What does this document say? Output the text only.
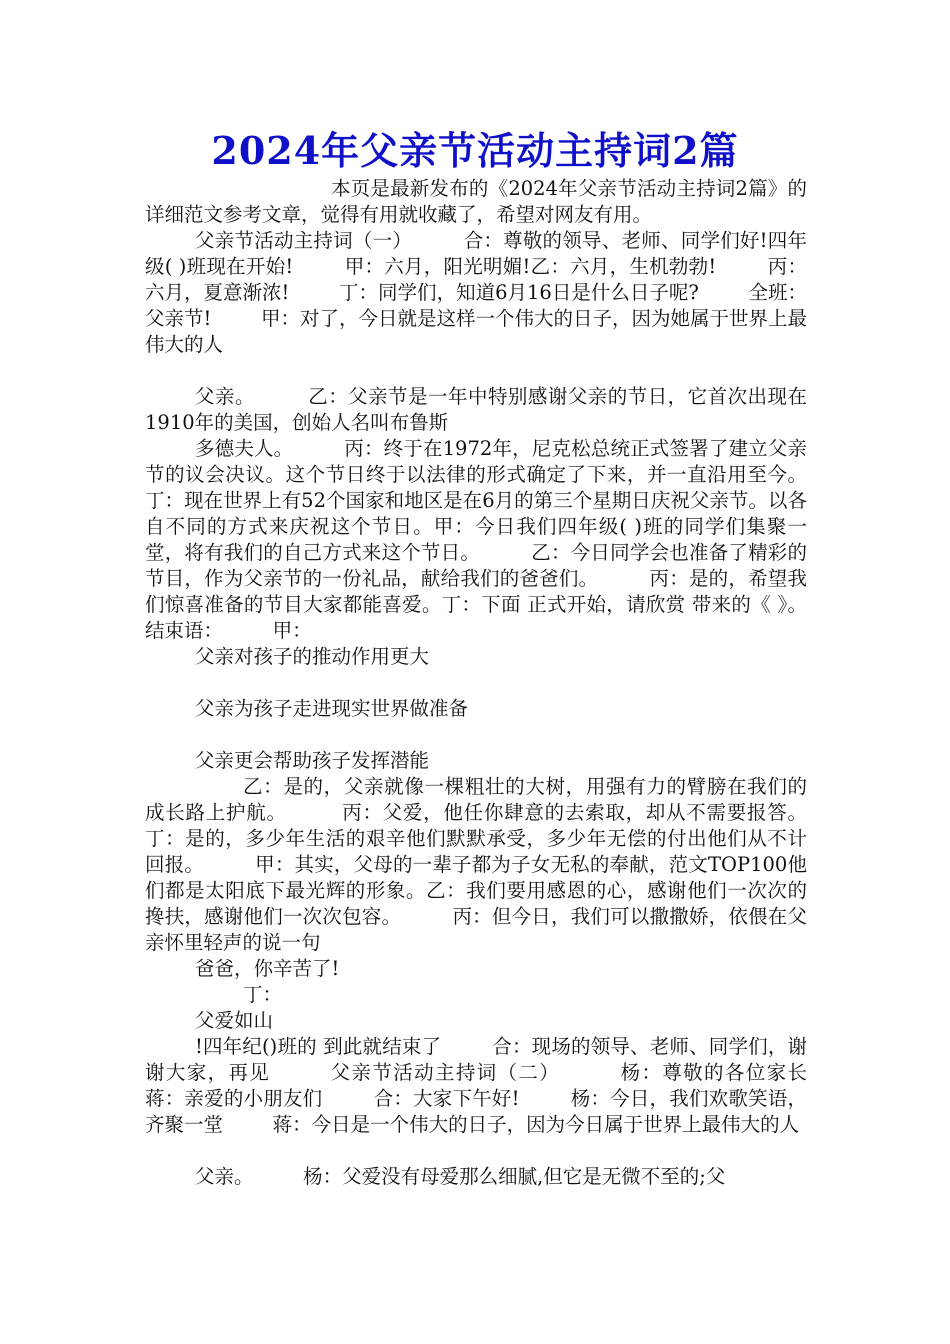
2024年父亲节活动主持词2篇

本页是最新发布的《2024年父亲节活动主持词2篇》的详细范文参考文章，觉得有用就收藏了，希望对网友有用。

父亲节活动主持词（一）        合：尊敬的领导、老师、同学们好!四年级( )班现在开始!        甲：六月，阳光明媚!乙：六月，生机勃勃!        丙：六月，夏意渐浓!        丁：同学们，知道6月16日是什么日子呢?        全班：父亲节!        甲：对了，今日就是这样一个伟大的日子，因为她属于世界上最伟大的人

父亲。        乙：父亲节是一年中特别感谢父亲的节日，它首次出现在1910年的美国，创始人名叫布鲁斯

多德夫人。        丙：终于在1972年，尼克松总统正式签署了建立父亲节的议会决议。这个节日终于以法律的形式确定了下来，并一直沿用至今。        丁：现在世界上有52个国家和地区是在6月的第三个星期日庆祝父亲节。以各自不同的方式来庆祝这个节日。甲：今日我们四年级( )班的同学们集聚一堂，将有我们的自己方式来这个节日。        乙：今日同学会也准备了精彩的节目，作为父亲节的一份礼品，献给我们的爸爸们。        丙：是的，希望我们惊喜准备的节目大家都能喜爱。丁：下面 正式开始，请欣赏 带来的《 》。        结束语：        甲：

父亲对孩子的推动作用更大

父亲为孩子走进现实世界做准备

父亲更会帮助孩子发挥潜能

乙：是的，父亲就像一棵粗壮的大树，用强有力的臂膀在我们的成长路上护航。        丙：父爱，他任你肆意的去索取，却从不需要报答。        丁：是的，多少年生活的艰辛他们默默承受，多少年无偿的付出他们从不计回报。        甲：其实，父母的一辈子都为子女无私的奉献，范文TOP100他们都是太阳底下最光辉的形象。乙：我们要用感恩的心，感谢他们一次次的搀扶，感谢他们一次次包容。        丙：但今日，我们可以撒撒娇，依偎在父亲怀里轻声的说一句

爸爸，你辛苦了!

丁：

父爱如山

!四年纪()班的 到此就结束了        合：现场的领导、老师、同学们，谢谢大家，再见        父亲节活动主持词（二）        杨：尊敬的各位家长        蒋：亲爱的小朋友们        合：大家下午好!        杨：今日，我们欢歌笑语，齐聚一堂        蒋：今日是一个伟大的日子，因为今日属于世界上最伟大的人

父亲。        杨：父爱没有母爱那么细腻,但它是无微不至的;父
